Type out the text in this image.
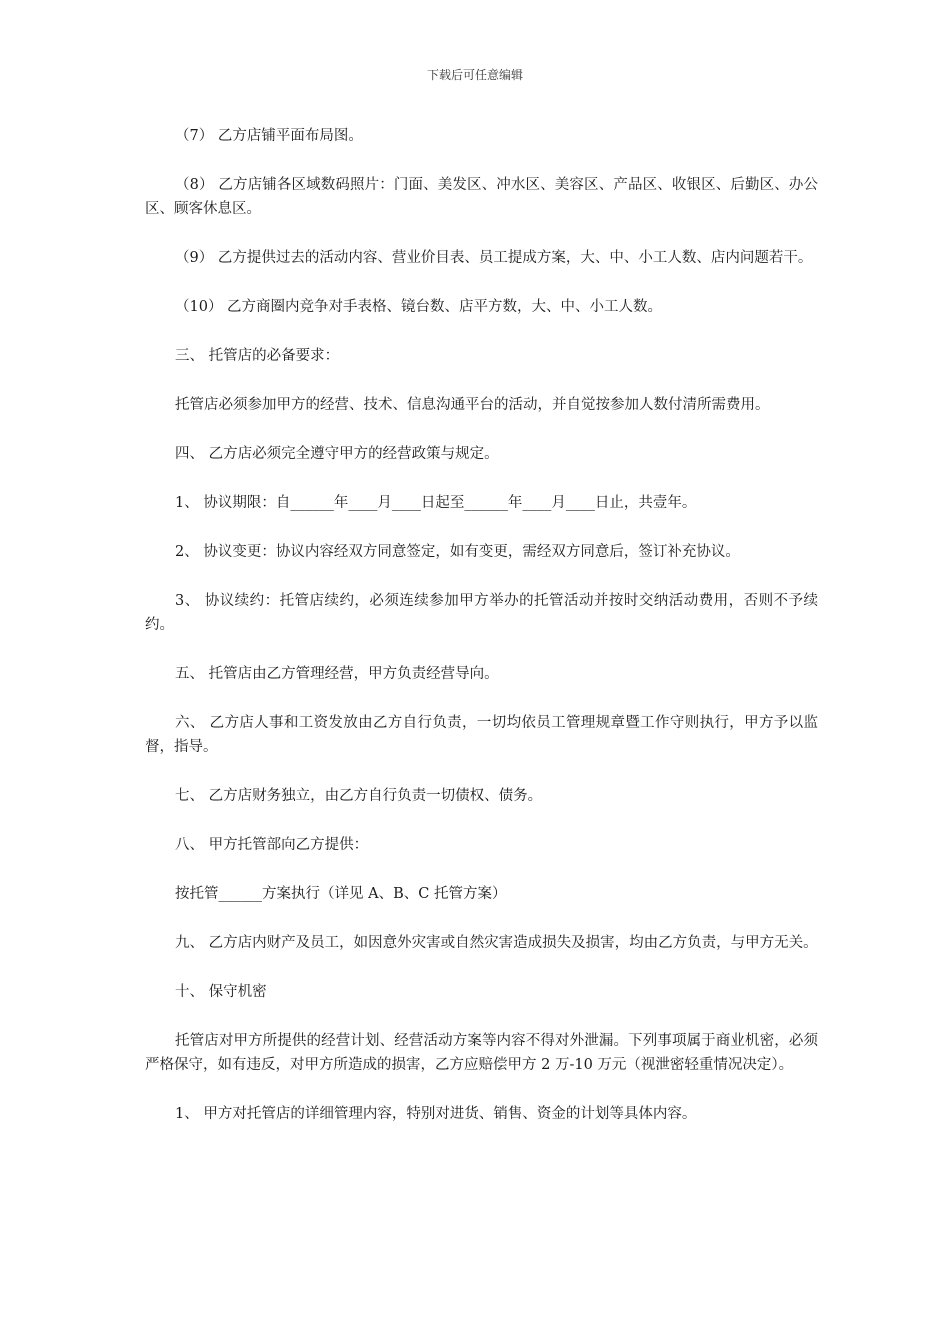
下载后可任意编辑

（7） 乙方店铺平面布局图。

（8） 乙方店铺各区域数码照片：门面、美发区、冲水区、美容区、产品区、收银区、后勤区、办公区、顾客休息区。

（9） 乙方提供过去的活动内容、营业价目表、员工提成方案，大、中、小工人数、店内问题若干。

（10） 乙方商圈内竞争对手表格、镜台数、店平方数，大、中、小工人数。

三、 托管店的必备要求：

托管店必须参加甲方的经营、技术、信息沟通平台的活动，并自觉按参加人数付清所需费用。

四、 乙方店必须完全遵守甲方的经营政策与规定。

1、 协议期限：自______年____月____日起至______年____月____日止，共壹年。

2、 协议变更：协议内容经双方同意签定，如有变更，需经双方同意后，签订补充协议。

3、 协议续约：托管店续约，必须连续参加甲方举办的托管活动并按时交纳活动费用，否则不予续约。

五、 托管店由乙方管理经营，甲方负责经营导向。

六、 乙方店人事和工资发放由乙方自行负责，一切均依员工管理规章暨工作守则执行，甲方予以监督，指导。

七、 乙方店财务独立，由乙方自行负责一切债权、债务。

八、 甲方托管部向乙方提供：

按托管______方案执行（详见 A、B、C 托管方案）

九、 乙方店内财产及员工，如因意外灾害或自然灾害造成损失及损害，均由乙方负责，与甲方无关。

十、 保守机密

托管店对甲方所提供的经营计划、经营活动方案等内容不得对外泄漏。下列事项属于商业机密，必须严格保守，如有违反，对甲方所造成的损害，乙方应赔偿甲方 2 万-10 万元（视泄密轻重情况决定）。

1、 甲方对托管店的详细管理内容，特别对进货、销售、资金的计划等具体内容。
